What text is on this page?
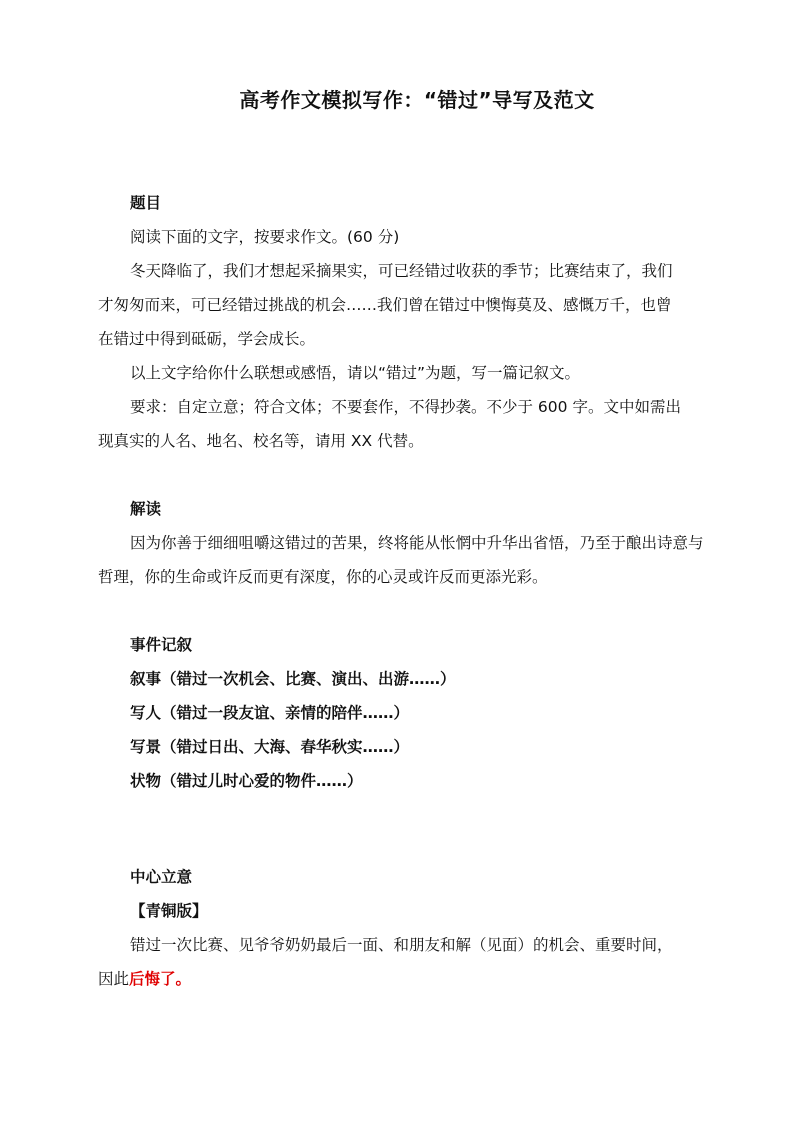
高考作文模拟写作：“错过”导写及范文
题目
阅读下面的文字，按要求作文。(60 分)
冬天降临了，我们才想起采摘果实，可已经错过收获的季节；比赛结束了，我们
才匆匆而来，可已经错过挑战的机会……我们曾在错过中懊悔莫及、感慨万千，也曾
在错过中得到砥砺，学会成长。
以上文字给你什么联想或感悟，请以“错过”为题，写一篇记叙文。
要求：自定立意；符合文体；不要套作，不得抄袭。不少于 600 字。文中如需出
现真实的人名、地名、校名等，请用 XX 代替。
解读
因为你善于细细咀嚼这错过的苦果，终将能从怅惘中升华出省悟，乃至于酿出诗意与
哲理，你的生命或许反而更有深度，你的心灵或许反而更添光彩。
事件记叙
叙事（错过一次机会、比赛、演出、出游……）
写人（错过一段友谊、亲情的陪伴……）
写景（错过日出、大海、春华秋实……）
状物（错过儿时心爱的物件……）
中心立意
【青铜版】
错过一次比赛、见爷爷奶奶最后一面、和朋友和解（见面）的机会、重要时间，
因此后悔了。
